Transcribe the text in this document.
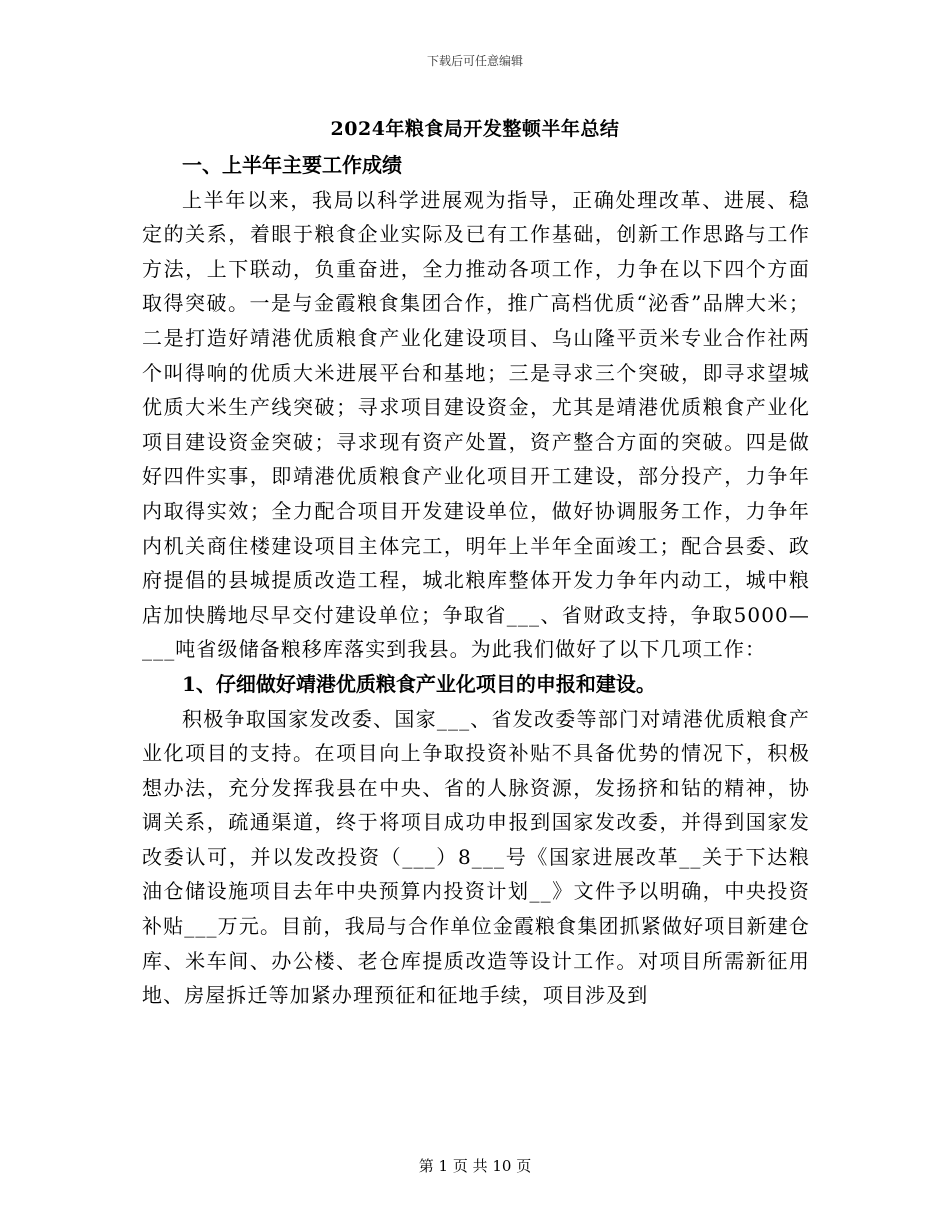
下载后可任意编辑
2024年粮食局开发整顿半年总结

一、上半年主要工作成绩

上半年以来，我局以科学进展观为指导，正确处理改革、进展、稳定的关系，着眼于粮食企业实际及已有工作基础，创新工作思路与工作方法，上下联动，负重奋进，全力推动各项工作，力争在以下四个方面取得突破。一是与金霞粮食集团合作，推广高档优质“泌香”品牌大米；二是打造好靖港优质粮食产业化建设项目、乌山隆平贡米专业合作社两个叫得响的优质大米进展平台和基地；三是寻求三个突破，即寻求望城优质大米生产线突破；寻求项目建设资金，尤其是靖港优质粮食产业化项目建设资金突破；寻求现有资产处置，资产整合方面的突破。四是做好四件实事，即靖港优质粮食产业化项目开工建设，部分投产，力争年内取得实效；全力配合项目开发建设单位，做好协调服务工作，力争年内机关商住楼建设项目主体完工，明年上半年全面竣工；配合县委、政府提倡的县城提质改造工程，城北粮库整体开发力争年内动工，城中粮店加快腾地尽早交付建设单位；争取省___、省财政支持，争取5000—___吨省级储备粮移库落实到我县。为此我们做好了以下几项工作：

1、仔细做好靖港优质粮食产业化项目的申报和建设。

积极争取国家发改委、国家___、省发改委等部门对靖港优质粮食产业化项目的支持。在项目向上争取投资补贴不具备优势的情况下，积极想办法，充分发挥我县在中央、省的人脉资源，发扬挤和钻的精神，协调关系，疏通渠道，终于将项目成功申报到国家发改委，并得到国家发改委认可，并以发改投资（___）8___号《国家进展改革__关于下达粮油仓储设施项目去年中央预算内投资计划__》文件予以明确，中央投资补贴___万元。目前，我局与合作单位金霞粮食集团抓紧做好项目新建仓库、米车间、办公楼、老仓库提质改造等设计工作。对项目所需新征用地、房屋拆迁等加紧办理预征和征地手续，项目涉及到

第 1 页 共 10 页
